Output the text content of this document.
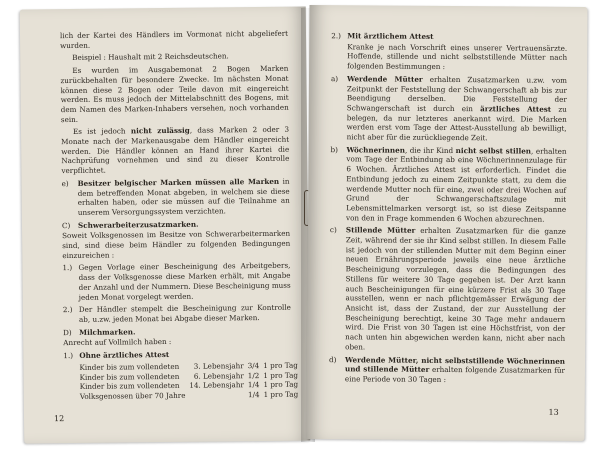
lich der Kartei des Händlers im Vormonat nicht abgeliefert wurden.

Beispiel : Haushalt mit 2 Reichsdeutschen.

Es wurden im Ausgabemonat 2 Bogen Marken zurückbehalten für besondere Zwecke. Im nächsten Monat können diese 2 Bogen oder Teile davon mit eingereicht werden. Es muss jedoch der Mittelabschnitt des Bogens, mit dem Namen des Marken-Inhabers versehen, noch vorhanden sein.

Es ist jedoch nicht zulässig, dass Marken 2 oder 3 Monate nach der Markenausgabe dem Händler eingereicht werden. Die Händler können an Hand ihrer Kartei die Nachprüfung vornehmen und sind zu dieser Kontrolle verpflichtet.

e) Besitzer belgischer Marken müssen alle Marken in dem betreffenden Monat abgeben, in welchem sie diese erhalten haben, oder sie müssen auf die Teilnahme an unserem Versorgungssystem verzichten.
C) Schwerarbeiterzusatzmarken.

Soweit Volksgenossen im Besitze von Schwerarbeitermarken sind, sind diese beim Händler zu folgenden Bedingungen einzureichen :

1.) Gegen Vorlage einer Bescheinigung des Arbeitgebers, dass der Volksgenosse diese Marken erhält, mit Angabe der Anzahl und der Nummern. Diese Bescheinigung muss jeden Monat vorgelegt werden.
2.) Der Händler stempelt die Bescheinigung zur Kontrolle ab, u.zw. jeden Monat bei Abgabe dieser Marken.
D) Milchmarken.

Anrecht auf Vollmilch haben :

1.) Ohne ärztliches Attest
Kinder bis zum vollendeten	3. Lebensjahr	3/4	1 pro Tag
Kinder bis zum vollendeten	6. Lebensjahr	1/2	1 pro Tag
Kinder bis zum vollendeten	14. Lebensjahr	1/4	1 pro Tag
Volksgenossen über 70 Jahre		1/4	1 pro Tag
12
2.) Mit ärztlichem Attest

Kranke je nach Vorschrift eines unserer Vertrauensärzte. Hoffende, stillende und nicht selbststillende Mütter nach folgenden Bestimmungen :

a) Werdende Mütter erhalten Zusatzmarken u.zw. vom Zeitpunkt der Feststellung der Schwangerschaft ab bis zur Beendigung derselben. Die Feststellung der Schwangerschaft ist durch ein ärztliches Attest zu belegen, da nur letzteres anerkannt wird. Die Marken werden erst vom Tage der Attest-Ausstellung ab bewilligt, nicht aber für die zurückliegende Zeit.
b) Wöchnerinnen, die ihr Kind nicht selbst stillen, erhalten vom Tage der Entbindung ab eine Wöchnerinnenzulage für 6 Wochen. Ärztliches Attest ist erforderlich. Findet die Entbindung jedoch zu einem Zeitpunkte statt, zu dem die werdende Mutter noch für eine, zwei oder drei Wochen auf Grund der Schwangerschaftszulage mit Lebensmittelmarken versorgt ist, so ist diese Zeitspanne von den in Frage kommenden 6 Wochen abzurechnen.
c) Stillende Mütter erhalten Zusatzmarken für die ganze Zeit, während der sie ihr Kind selbst stillen. In diesem Falle ist jedoch von der stillenden Mutter mit dem Beginn einer neuen Ernährungsperiode jeweils eine neue ärztliche Bescheinigung vorzulegen, dass die Bedingungen des Stillens für weitere 30 Tage gegeben ist. Der Arzt kann auch Bescheinigungen für eine kürzere Frist als 30 Tage ausstellen, wenn er nach pflichtgemässer Erwägung der Ansicht ist, dass der Zustand, der zur Ausstellung der Bescheinigung berechtigt, keine 30 Tage mehr andauern wird. Die Frist von 30 Tagen ist eine Höchstfrist, von der nach unten hin abgewichen werden kann, nicht aber nach oben.
d) Werdende Mütter, nicht selbststillende Wöchnerinnen und stillende Mütter erhalten folgende Zusatzmarken für eine Periode von 30 Tagen :
13
